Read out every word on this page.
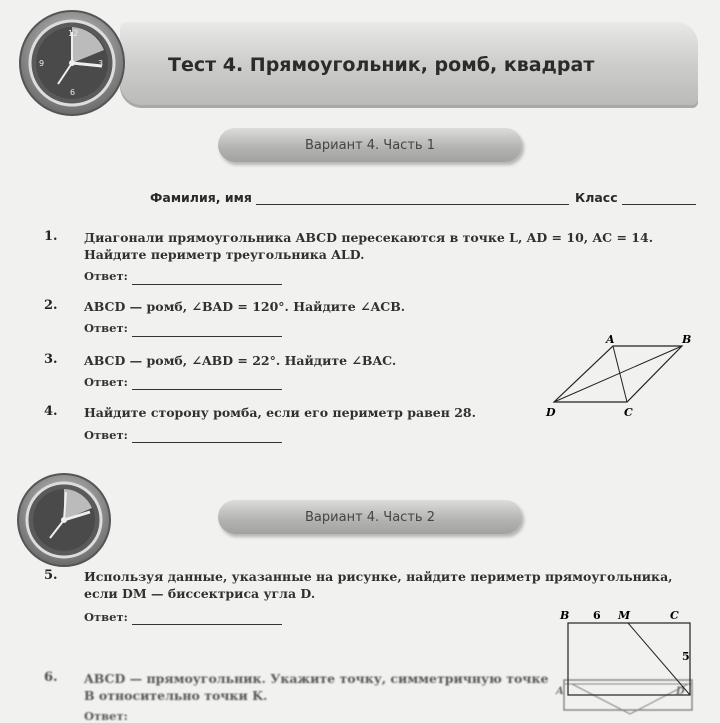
Тест 4. Прямоугольник, ромб, квадрат
12
3
6
9
Вариант 4. Часть 1
Фамилия, имя	Класс
1.	Диагонали прямоугольника ABCD пересекаются в точке L, AD = 10, AC = 14. Найдите периметр треугольника ALD.
Ответ:
2.	ABCD — ромб, ∠BAD = 120°. Найдите ∠ACB.
Ответ:
3.	ABCD — ромб, ∠ABD = 22°. Найдите ∠BAC.
Ответ:
4.	Найдите сторону ромба, если его периметр равен 28.
Ответ:
A	B
C
D
Вариант 4. Часть 2
5.	Используя данные, указанные на рисунке, найдите периметр прямоугольника, если DM — биссектриса угла D.
Ответ:
6.	ABCD — прямоугольник. Укажите точку, симметричную точке B относительно точки K.
Ответ:
B 6 M	C
5
A	D
